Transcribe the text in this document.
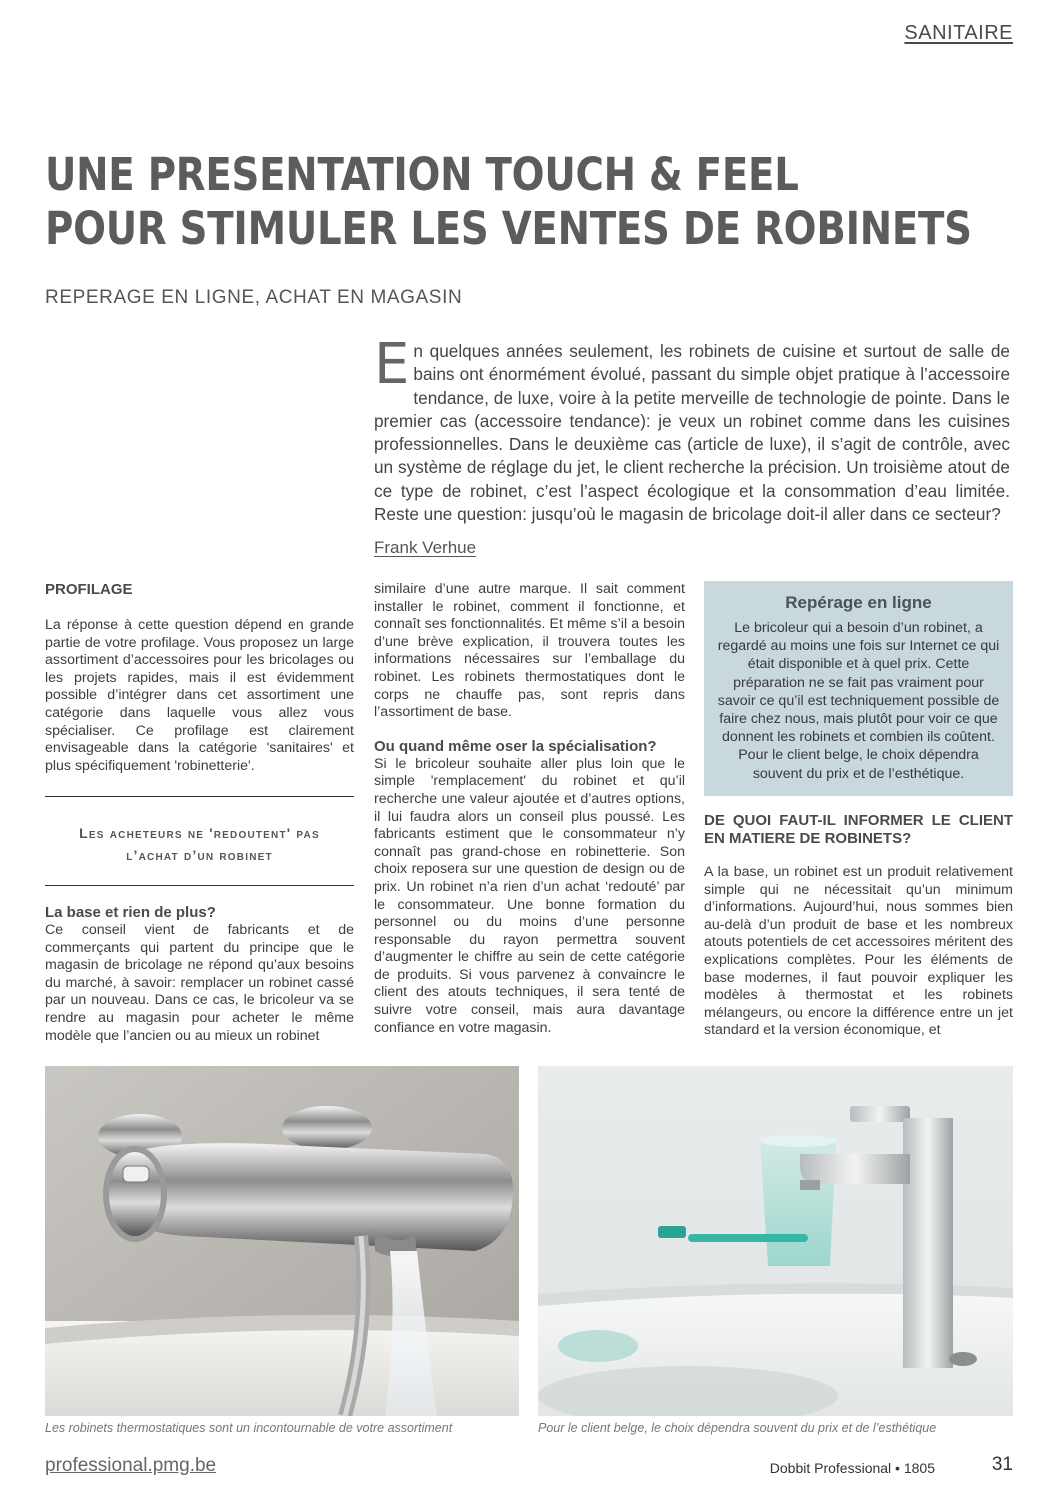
SANITAIRE
UNE PRESENTATION TOUCH & FEEL
POUR STIMULER LES VENTES DE ROBINETS
REPERAGE EN LIGNE, ACHAT EN MAGASIN

En quelques années seulement, les robinets de cuisine et surtout de salle de bains ont énormément évolué, passant du simple objet pratique à l’accessoire tendance, de luxe, voire à la petite merveille de technologie de pointe. Dans le premier cas (accessoire tendance): je veux un robinet comme dans les cuisines professionnelles. Dans le deuxième cas (article de luxe), il s’agit de contrôle, avec un système de réglage du jet, le client recherche la précision. Un troisième atout de ce type de robinet, c’est l’aspect écologique et la consommation d’eau limitée. Reste une question: jusqu’où le magasin de bricolage doit-il aller dans ce secteur?

Frank Verhue
PROFILAGE

La réponse à cette question dépend en grande partie de votre profilage. Vous proposez un large assortiment d’accessoires pour les bricolages ou les projets rapides, mais il est évidemment possible d’intégrer dans cet assortiment une catégorie dans laquelle vous allez vous spécialiser. Ce profilage est clairement envisageable dans la catégorie 'sanitaires' et plus spécifiquement 'robinetterie'.

Les acheteurs ne 'redoutent' pas
l’achat d’un robinet
La base et rien de plus?

Ce conseil vient de fabricants et de commerçants qui partent du principe que le magasin de bricolage ne répond qu’aux besoins du marché, à savoir: remplacer un robinet cassé par un nouveau. Dans ce cas, le bricoleur va se rendre au magasin pour acheter le même modèle que l’ancien ou au mieux un robinet

similaire d’une autre marque. Il sait comment installer le robinet, comment il fonctionne, et connaît ses fonctionnalités. Et même s’il a besoin d’une brève explication, il trouvera toutes les informations nécessaires sur l’emballage du robinet. Les robinets thermostatiques dont le corps ne chauffe pas, sont repris dans l’assortiment de base.

Ou quand même oser la spécialisation?

Si le bricoleur souhaite aller plus loin que le simple 'remplacement' du robinet et qu’il recherche une valeur ajoutée et d’autres options, il lui faudra alors un conseil plus poussé. Les fabricants estiment que le consommateur n’y connaît pas grand-chose en robinetterie. Son choix reposera sur une question de design ou de prix. Un robinet n’a rien d’un achat ‘redouté’ par le consommateur. Une bonne formation du personnel ou du moins d’une personne responsable du rayon permettra souvent d’augmenter le chiffre au sein de cette catégorie de produits. Si vous parvenez à convaincre le client des atouts techniques, il sera tenté de suivre votre conseil, mais aura davantage confiance en votre magasin.

Repérage en ligne

Le bricoleur qui a besoin d’un robinet, a regardé au moins une fois sur Internet ce qui était disponible et à quel prix. Cette préparation ne se fait pas vraiment pour savoir ce qu’il est techniquement possible de faire chez nous, mais plutôt pour voir ce que donnent les robinets et combien ils coûtent. Pour le client belge, le choix dépendra souvent du prix et de l’esthétique.

DE QUOI FAUT-IL INFORMER LE CLIENT EN MATIERE DE ROBINETS?

A la base, un robinet est un produit relativement simple qui ne nécessitait qu’un minimum d’informations. Aujourd’hui, nous sommes bien au-delà d’un produit de base et les nombreux atouts potentiels de cet accessoires méritent des explications complètes. Pour les éléments de base modernes, il faut pouvoir expliquer les modèles à thermostat et les robinets mélangeurs, ou encore la différence entre un jet standard et la version économique, et

Les robinets thermostatiques sont un incontournable de votre assortiment	Pour le client belge, le choix dépendra souvent du prix et de l’esthétique
professional.pmg.be	Dobbit Professional • 1805	31
